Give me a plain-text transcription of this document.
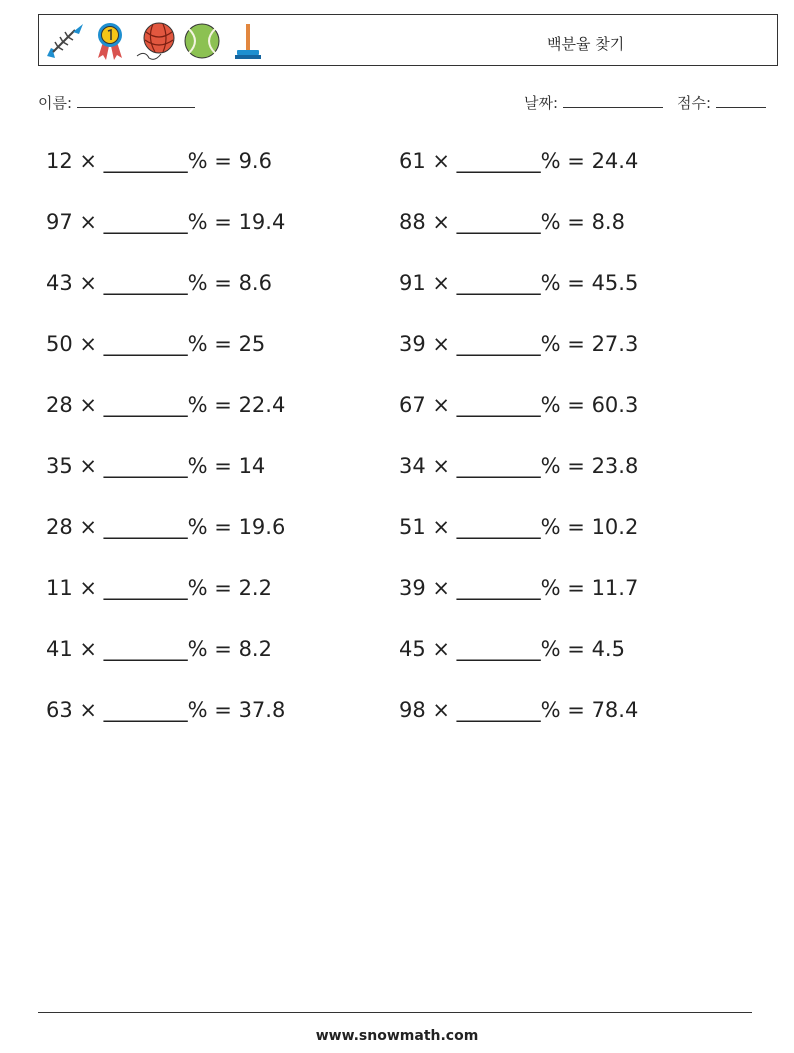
백분율 찾기
이름:	날짜:	점수:
12 × ________% = 9.6	61 × ________% = 24.4
97 × ________% = 19.4	88 × ________% = 8.8
43 × ________% = 8.6	91 × ________% = 45.5
50 × ________% = 25	39 × ________% = 27.3
28 × ________% = 22.4	67 × ________% = 60.3
35 × ________% = 14	34 × ________% = 23.8
28 × ________% = 19.6	51 × ________% = 10.2
11 × ________% = 2.2	39 × ________% = 11.7
41 × ________% = 8.2	45 × ________% = 4.5
63 × ________% = 37.8	98 × ________% = 78.4
www.snowmath.com
